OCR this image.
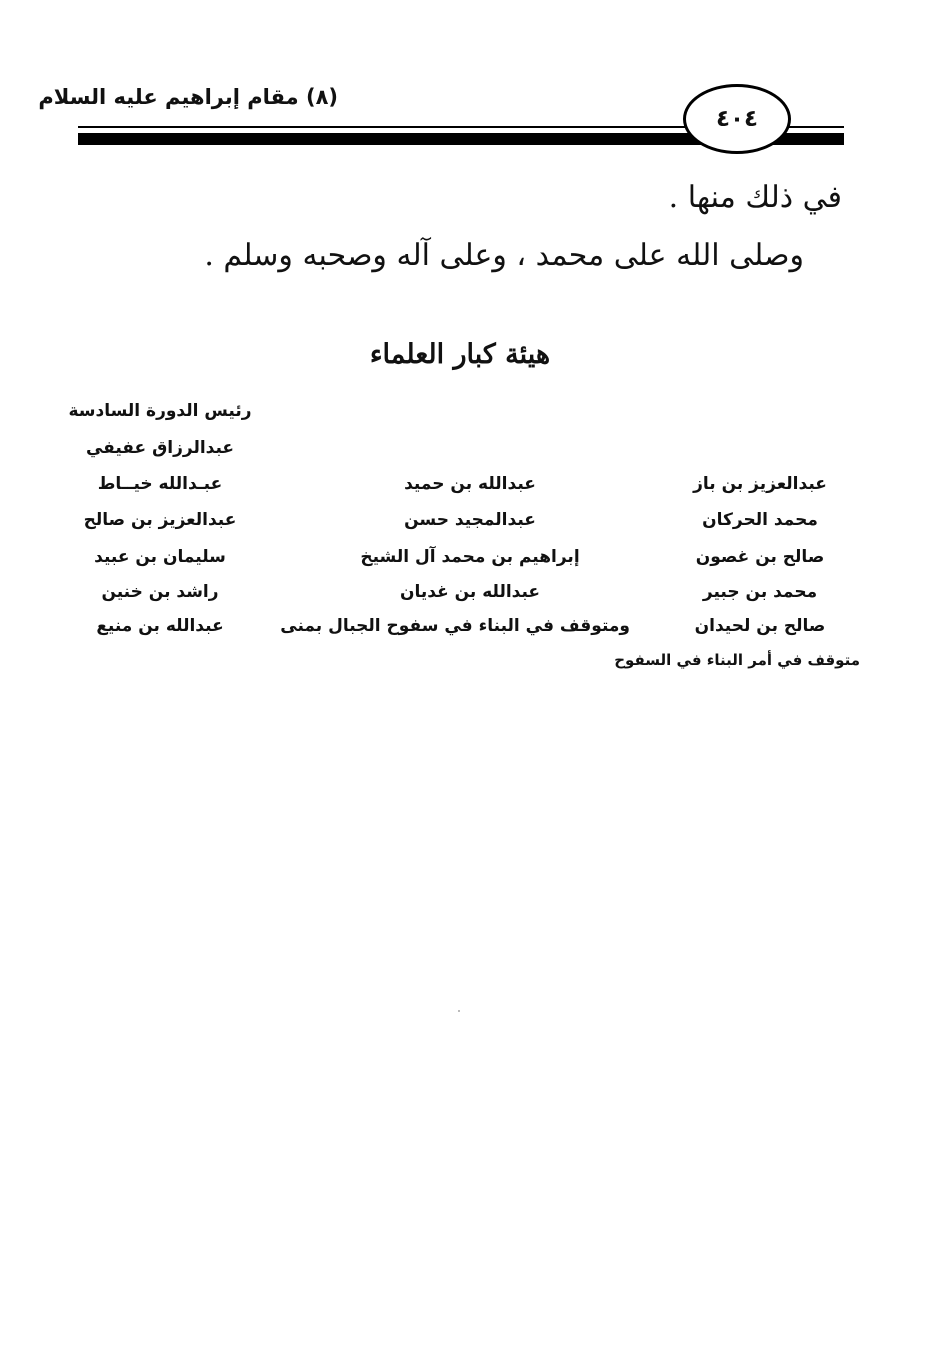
(٨) مقام إبراهيم عليه السلام
٤٠٤
في ذلك منها .
وصلى الله على محمد ، وعلى آله وصحبه وسلم .
هيئة كبار العلماء
رئيس الدورة السادسة
عبدالرزاق عفيفي
عبدالعزيز بن باز
محمد الحركان
صالح بن غصون
محمد بن جبير
صالح بن لحيدان
متوقف في أمر البناء في السفوح
عبدالله بن حميد
عبدالمجيد حسن
إبراهيم بن محمد آل الشيخ
عبدالله بن غديان
ومتوقف في البناء في سفوح الجبال بمنى
عبـدالله خيــاط
عبدالعزيز بن صالح
سليمان بن عبيد
راشد بن خنين
عبدالله بن منيع
